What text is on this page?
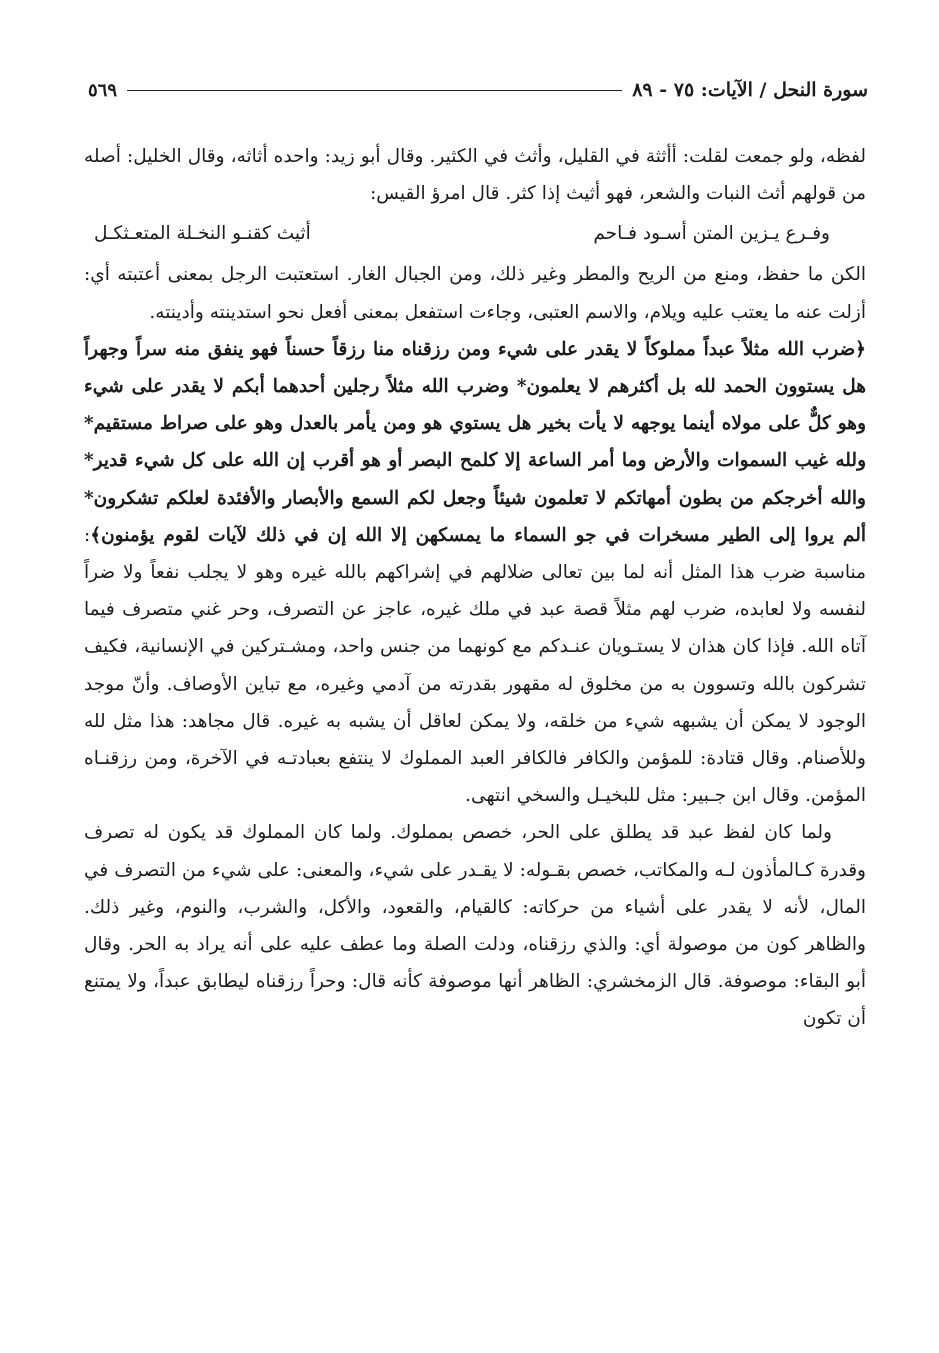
سورة النحل / الآيات: ٧٥ - ٨٩
٥٦٩

لفظه، ولو جمعت لقلت: أأثثة في القليل، وأثث في الكثير. وقال أبو زيد: واحده أثاثه، وقال الخليل: أصله من قولهم أثث النبات والشعر، فهو أثيث إذا كثر. قال امرؤ القيس:

وفـرع يـزين المتن أسـود فـاحم
أثيث كقنـو النخـلة المتعـثكـل

الكن ما حفظ، ومنع من الريح والمطر وغير ذلك، ومن الجبال الغار. استعتبت الرجل بمعنى أعتبته أي: أزلت عنه ما يعتب عليه ويلام، والاسم العتبى، وجاءت استفعل بمعنى أفعل نحو استدينته وأدينته.

﴿ضرب الله مثلاً عبداً مملوكاً لا يقدر على شيء ومن رزقناه منا رزقاً حسناً فهو ينفق منه سراً وجهراً هل يستوون الحمد لله بل أكثرهم لا يعلمون* وضرب الله مثلاً رجلين أحدهما أبكم لا يقدر على شيء وهو كلٌّ على مولاه أينما يوجهه لا يأت بخير هل يستوي هو ومن يأمر بالعدل وهو على صراط مستقيم* ولله غيب السموات والأرض وما أمر الساعة إلا كلمح البصر أو هو أقرب إن الله على كل شيء قدير* والله أخرجكم من بطون أمهاتكم لا تعلمون شيئاً وجعل لكم السمع والأبصار والأفئدة لعلكم تشكرون* ألم يروا إلى الطير مسخرات في جو السماء ما يمسكهن إلا الله إن في ذلك لآيات لقوم يؤمنون﴾: مناسبة ضرب هذا المثل أنه لما بين تعالى ضلالهم في إشراكهم بالله غيره وهو لا يجلب نفعاً ولا ضراً لنفسه ولا لعابده، ضرب لهم مثلاً قصة عبد في ملك غيره، عاجز عن التصرف، وحر غني متصرف فيما آتاه الله. فإذا كان هذان لا يستـويان عنـدكم مع كونهما من جنس واحد، ومشـتركين في الإنسانية، فكيف تشركون بالله وتسوون به من مخلوق له مقهور بقدرته من آدمي وغيره، مع تباين الأوصاف. وأنّ موجد الوجود لا يمكن أن يشبهه شيء من خلقه، ولا يمكن لعاقل أن يشبه به غيره. قال مجاهد: هذا مثل لله وللأصنام. وقال قتادة: للمؤمن والكافر فالكافر العبد المملوك لا ينتفع بعبادتـه في الآخرة، ومن رزقنـاه المؤمن. وقال ابن جـبير: مثل للبخيـل والسخي انتهى.

ولما كان لفظ عبد قد يطلق على الحر، خصص بمملوك. ولما كان المملوك قد يكون له تصرف وقدرة كـالمأذون لـه والمكاتب، خصص بقـوله: لا يقـدر على شيء، والمعنى: على شيء من التصرف في المال، لأنه لا يقدر على أشياء من حركاته: كالقيام، والقعود، والأكل، والشرب، والنوم، وغير ذلك. والظاهر كون من موصولة أي: والذي رزقناه، ودلت الصلة وما عطف عليه على أنه يراد به الحر. وقال أبو البقاء: موصوفة. قال الزمخشري: الظاهر أنها موصوفة كأنه قال: وحراً رزقناه ليطابق عبداً، ولا يمتنع أن تكون
